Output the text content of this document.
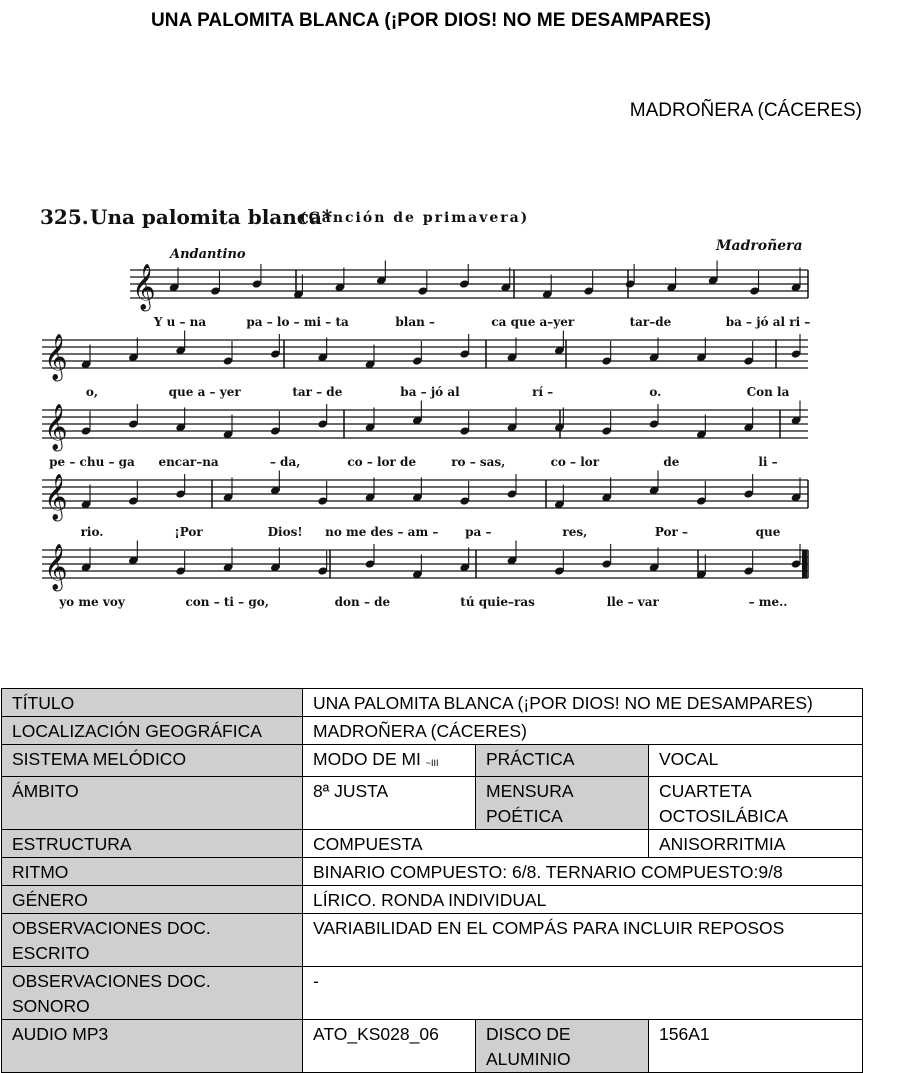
UNA PALOMITA BLANCA (¡POR DIOS! NO ME DESAMPARES)
MADROÑERA (CÁCERES)
325. Una palomita blanca*
(Canción de primavera)
Andantino
Madroñera
𝄞
Y u – na	pa – lo – mi – ta	blan –	ca que a–yer	tar–de	ba – jó al ri –
𝄞
o,	que a – yer	tar – de	ba – jó al	rí –	o.	Con la
𝄞
pe – chu – ga encar–na	– da,	co – lor de	ro – sas,	co – lor	de	li –
𝄞
rio.	¡Por	Dios! no me des – am – pa –	res,	Por –	que
𝄞
yo me voy	con – ti – go,	don – de	tú quie–ras	lle – var	– me..
TÍTULO	UNA PALOMITA BLANCA (¡POR DIOS! NO ME DESAMPARES)		
LOCALIZACIÓN GEOGRÁFICA	MADROÑERA (CÁCERES)		
SISTEMA MELÓDICO	MODO DE MI ~III	PRÁCTICA	VOCAL
ÁMBITO	8ª JUSTA	MENSURA POÉTICA	CUARTETA OCTOSILÁBICA
ESTRUCTURA	COMPUESTA		ANISORRITMIA
RITMO	BINARIO COMPUESTO: 6/8. TERNARIO COMPUESTO:9/8		
GÉNERO	LÍRICO. RONDA INDIVIDUAL		
OBSERVACIONES DOC. ESCRITO	VARIABILIDAD EN EL COMPÁS PARA INCLUIR REPOSOS		
OBSERVACIONES DOC. SONORO	-		
AUDIO MP3	ATO_KS028_06	DISCO DE ALUMINIO	156A1
